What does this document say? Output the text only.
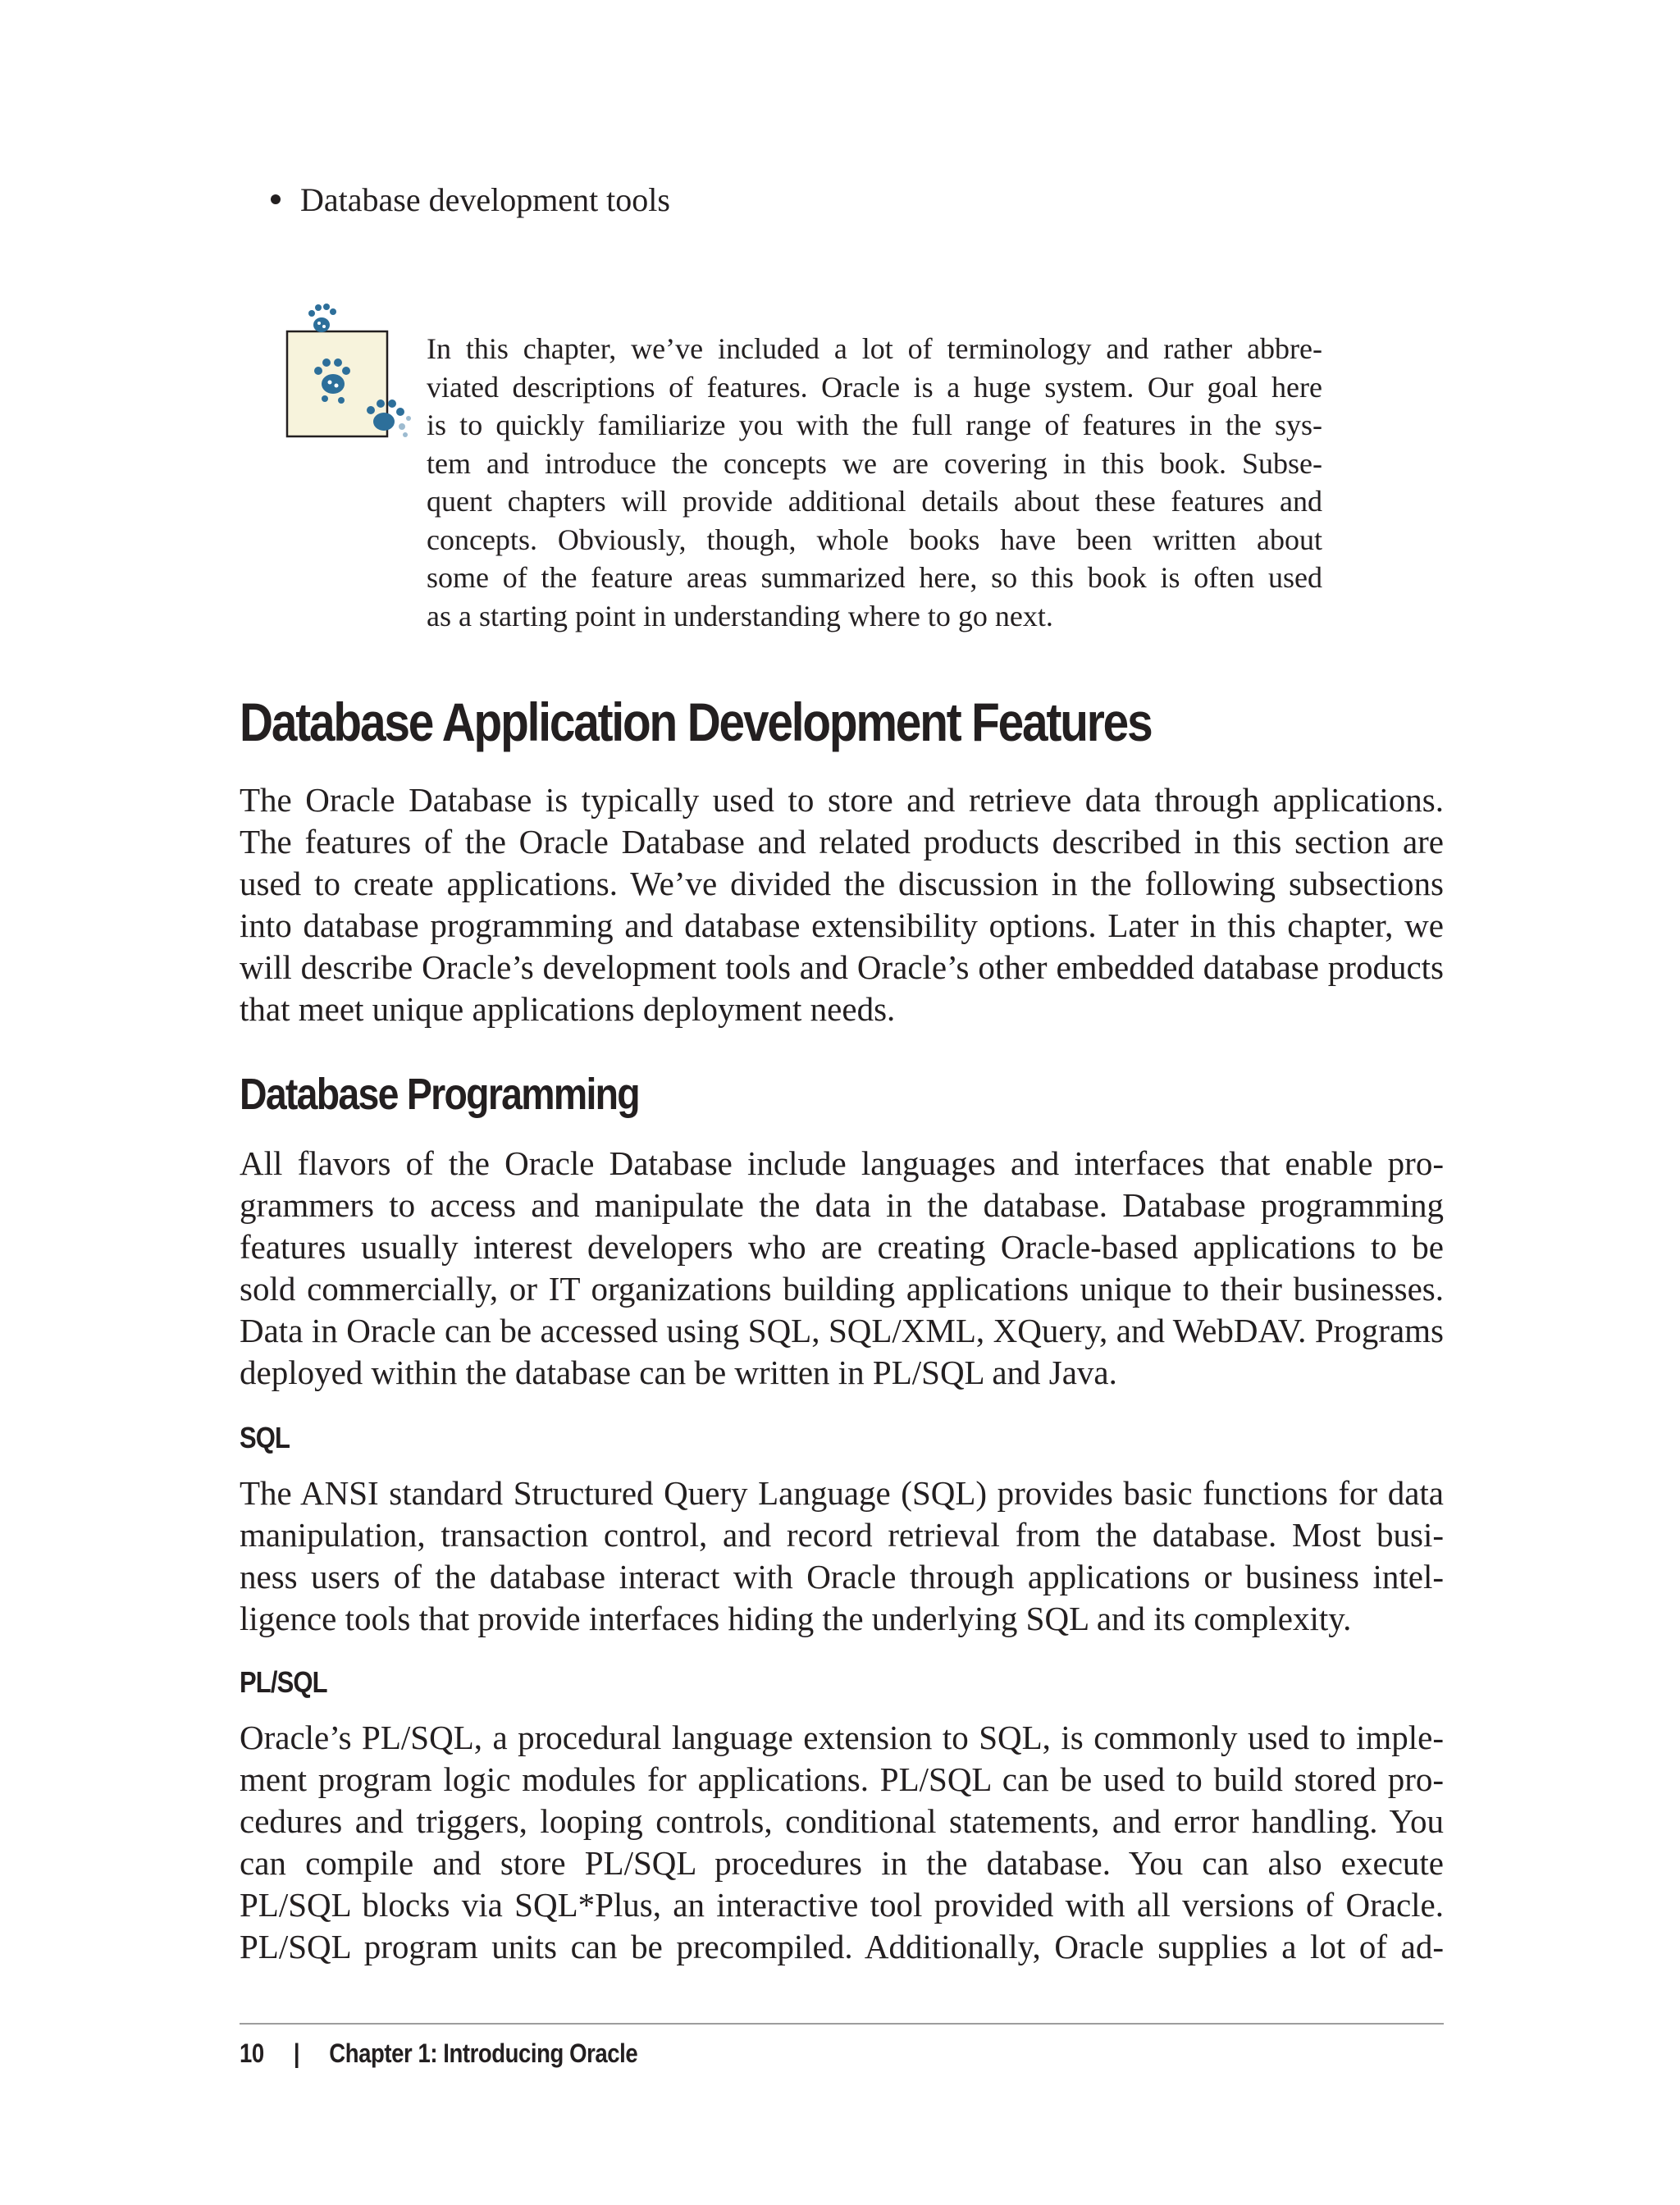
Database development tools
In this chapter, we’ve included a lot of terminology and rather abbre-
viated descriptions of features. Oracle is a huge system. Our goal here
is to quickly familiarize you with the full range of features in the sys-
tem and introduce the concepts we are covering in this book. Subse-
quent chapters will provide additional details about these features and
concepts. Obviously, though, whole books have been written about
some of the feature areas summarized here, so this book is often used
as a starting point in understanding where to go next.
Database Application Development Features
The Oracle Database is typically used to store and retrieve data through applications.
The features of the Oracle Database and related products described in this section are
used to create applications. We’ve divided the discussion in the following subsections
into database programming and database extensibility options. Later in this chapter, we
will describe Oracle’s development tools and Oracle’s other embedded database products
that meet unique applications deployment needs.
Database Programming
All flavors of the Oracle Database include languages and interfaces that enable pro-
grammers to access and manipulate the data in the database. Database programming
features usually interest developers who are creating Oracle-based applications to be
sold commercially, or IT organizations building applications unique to their businesses.
Data in Oracle can be accessed using SQL, SQL/XML, XQuery, and WebDAV. Programs
deployed within the database can be written in PL/SQL and Java.
SQL
The ANSI standard Structured Query Language (SQL) provides basic functions for data
manipulation, transaction control, and record retrieval from the database. Most busi-
ness users of the database interact with Oracle through applications or business intel-
ligence tools that provide interfaces hiding the underlying SQL and its complexity.
PL/SQL
Oracle’s PL/SQL, a procedural language extension to SQL, is commonly used to imple-
ment program logic modules for applications. PL/SQL can be used to build stored pro-
cedures and triggers, looping controls, conditional statements, and error handling. You
can compile and store PL/SQL procedures in the database. You can also execute
PL/SQL blocks via SQL*Plus, an interactive tool provided with all versions of Oracle.
PL/SQL program units can be precompiled. Additionally, Oracle supplies a lot of ad-
10 | Chapter 1: Introducing Oracle
